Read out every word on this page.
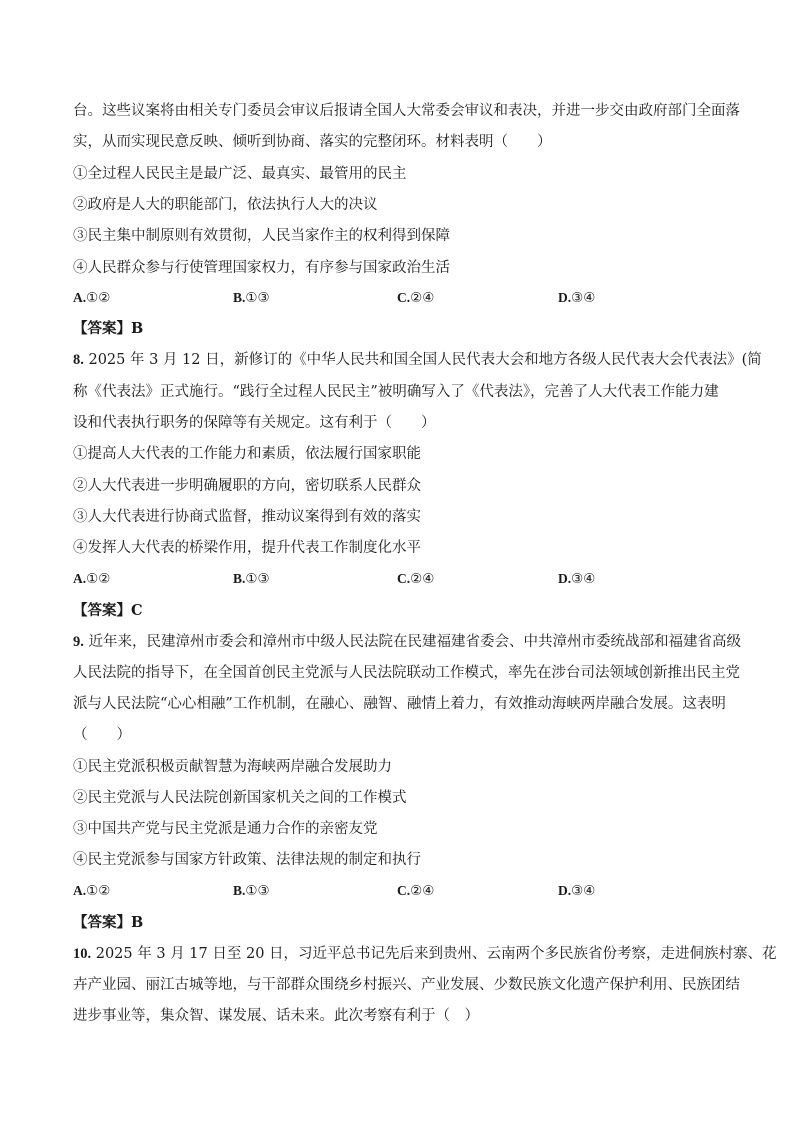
台。这些议案将由相关专门委员会审议后报请全国人大常委会审议和表决，并进一步交由政府部门全面落
实，从而实现民意反映、倾听到协商、落实的完整闭环。材料表明（　　）
①全过程人民民主是最广泛、最真实、最管用的民主
②政府是人大的职能部门，依法执行人大的决议
③民主集中制原则有效贯彻，人民当家作主的权利得到保障
④人民群众参与行使管理国家权力，有序参与国家政治生活
A.①②	B.①③	C.②④	D.③④
【答案】B
8. 2025 年 3 月 12 日，新修订的《中华人民共和国全国人民代表大会和地方各级人民代表大会代表法》(简
称《代表法》正式施行。“践行全过程人民民主”被明确写入了《代表法》，完善了人大代表工作能力建
设和代表执行职务的保障等有关规定。这有利于（　　）
①提高人大代表的工作能力和素质，依法履行国家职能
②人大代表进一步明确履职的方向，密切联系人民群众
③人大代表进行协商式监督，推动议案得到有效的落实
④发挥人大代表的桥梁作用，提升代表工作制度化水平
A.①②	B.①③	C.②④	D.③④
【答案】C
9. 近年来，民建漳州市委会和漳州市中级人民法院在民建福建省委会、中共漳州市委统战部和福建省高级
人民法院的指导下，在全国首创民主党派与人民法院联动工作模式，率先在涉台司法领域创新推出民主党
派与人民法院“心心相融”工作机制，在融心、融智、融情上着力，有效推动海峡两岸融合发展。这表明
（　　）
①民主党派积极贡献智慧为海峡两岸融合发展助力
②民主党派与人民法院创新国家机关之间的工作模式
③中国共产党与民主党派是通力合作的亲密友党
④民主党派参与国家方针政策、法律法规的制定和执行
A.①②	B.①③	C.②④	D.③④
【答案】B
10. 2025 年 3 月 17 日至 20 日，习近平总书记先后来到贵州、云南两个多民族省份考察，走进侗族村寨、花
卉产业园、丽江古城等地，与干部群众围绕乡村振兴、产业发展、少数民族文化遗产保护利用、民族团结
进步事业等，集众智、谋发展、话未来。此次考察有利于（　）
